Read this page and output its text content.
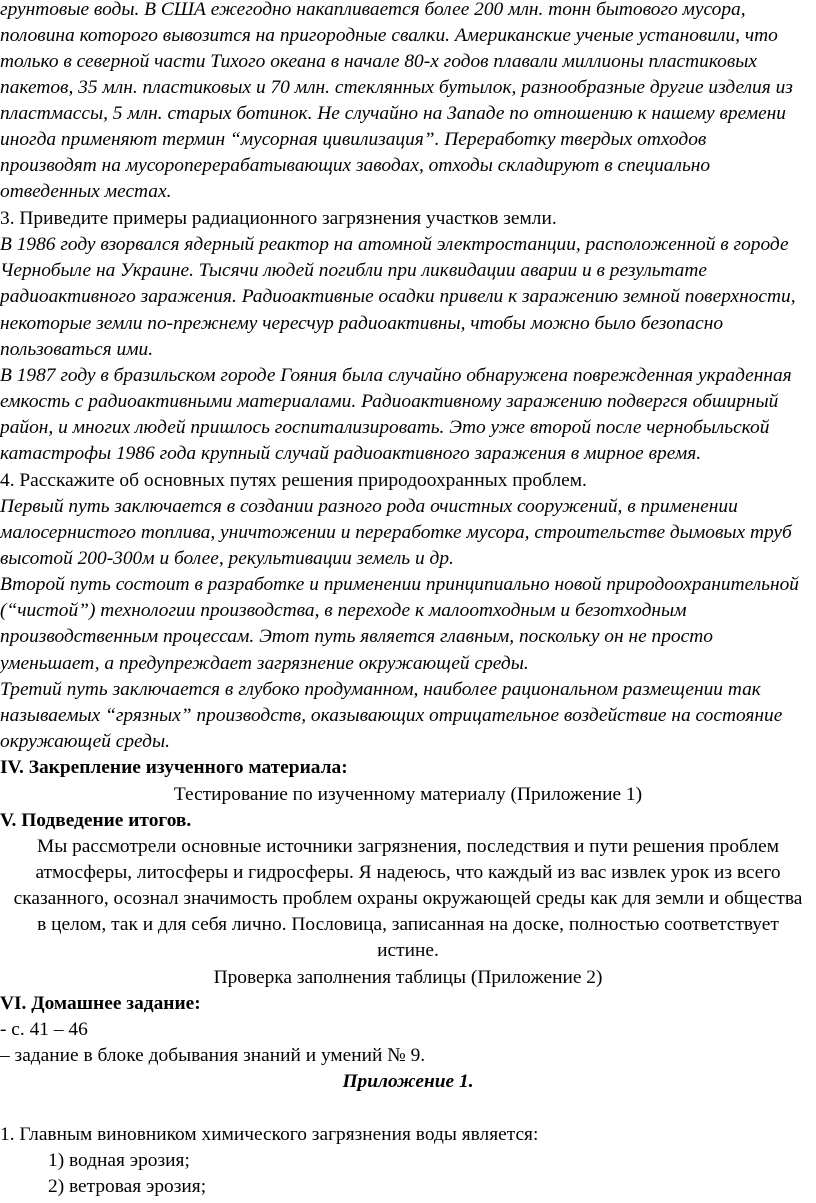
грунтовые воды. В США ежегодно накапливается более 200 млн. тонн бытового мусора,
половина которого вывозится на пригородные свалки. Американские ученые установили, что
только в северной части Тихого океана в начале 80-х годов плавали миллионы пластиковых
пакетов, 35 млн. пластиковых и 70 млн. стеклянных бутылок, разнообразные другие изделия из
пластмассы, 5 млн. старых ботинок. Не случайно на Западе по отношению к нашему времени
иногда применяют термин “мусорная цивилизация”. Переработку твердых отходов
производят на мусороперерабатывающих заводах, отходы складируют в специально
отведенных местах.
3. Приведите примеры радиационного загрязнения участков земли.
В 1986 году взорвался ядерный реактор на атомной электростанции, расположенной в городе
Чернобыле на Украине. Тысячи людей погибли при ликвидации аварии и в результате
радиоактивного заражения. Радиоактивные осадки привели к заражению земной поверхности,
некоторые земли по-прежнему чересчур радиоактивны, чтобы можно было безопасно
пользоваться ими.
В 1987 году в бразильском городе Гояния была случайно обнаружена поврежденная украденная
емкость с радиоактивными материалами. Радиоактивному заражению подвергся обширный
район, и многих людей пришлось госпитализировать. Это уже второй после чернобыльской
катастрофы 1986 года крупный случай радиоактивного заражения в мирное время.
4. Расскажите об основных путях решения природоохранных проблем.
Первый путь заключается в создании разного рода очистных сооружений, в применении
малосернистого топлива, уничтожении и переработке мусора, строительстве дымовых труб
высотой 200-300м и более, рекультивации земель и др.
Второй путь состоит в разработке и применении принципиально новой природоохранительной
(“чистой”) технологии производства, в переходе к малоотходным и безотходным
производственным процессам. Этот путь является главным, поскольку он не просто
уменьшает, а предупреждает загрязнение окружающей среды.
Третий путь заключается в глубоко продуманном, наиболее рациональном размещении так
называемых “грязных” производств, оказывающих отрицательное воздействие на состояние
окружающей среды.
IV. Закрепление изученного материала:
Тестирование по изученному материалу (Приложение 1)
V. Подведение итогов.
Мы рассмотрели основные источники загрязнения, последствия и пути решения проблем
атмосферы, литосферы и гидросферы. Я надеюсь, что каждый из вас извлек урок из всего
сказанного, осознал значимость проблем охраны окружающей среды как для земли и общества
в целом, так и для себя лично. Пословица, записанная на доске, полностью соответствует
истине.
Проверка заполнения таблицы (Приложение 2)
VI. Домашнее задание:
- с. 41 – 46
– задание в блоке добывания знаний и умений № 9.
Приложение 1.
1. Главным виновником химического загрязнения воды является:
1) водная эрозия;
2) ветровая эрозия;
